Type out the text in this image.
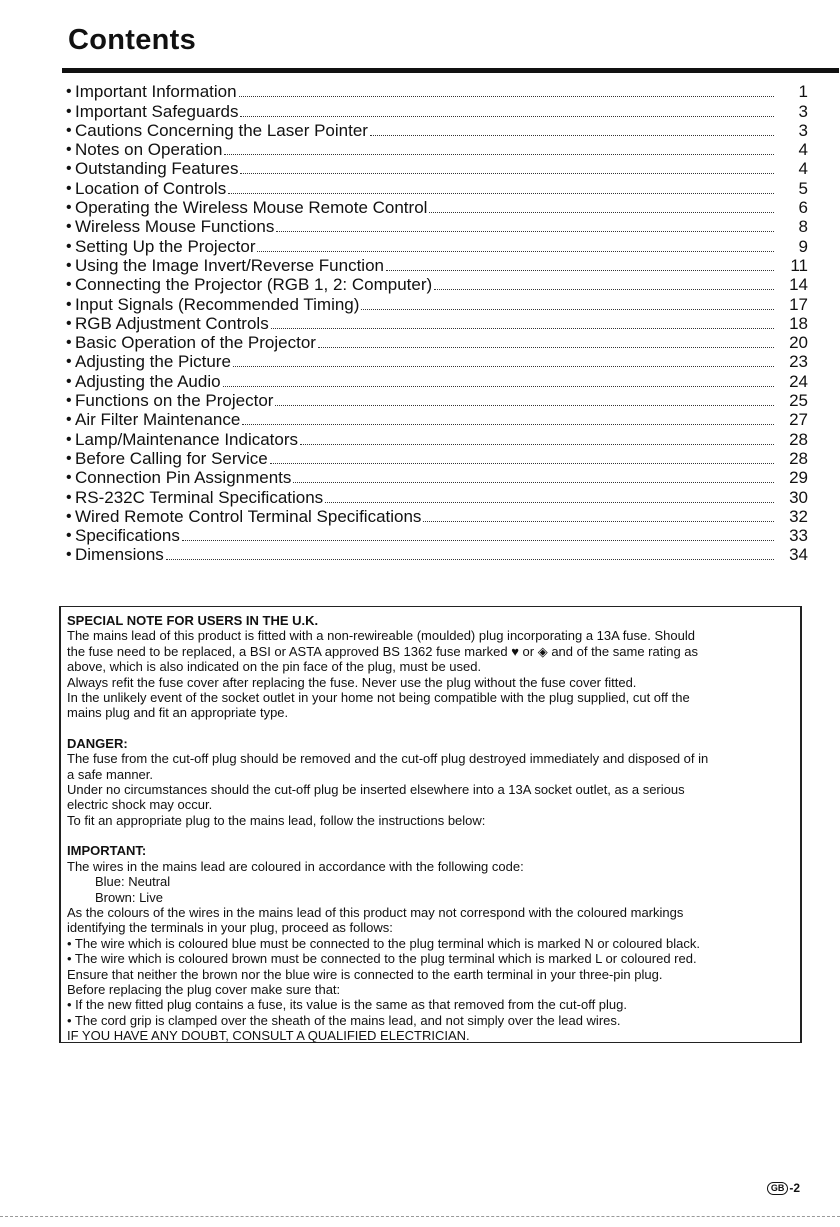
Contents
• Important Information	1
• Important Safeguards	3
• Cautions Concerning the Laser Pointer	3
• Notes on Operation	4
• Outstanding Features	4
• Location of Controls	5
• Operating the Wireless Mouse Remote Control	6
• Wireless Mouse Functions	8
• Setting Up the Projector	9
• Using the Image Invert/Reverse Function	11
• Connecting the Projector (RGB 1, 2: Computer)	14
• Input Signals (Recommended Timing)	17
• RGB Adjustment Controls	18
• Basic Operation of the Projector	20
• Adjusting the Picture	23
• Adjusting the Audio	24
• Functions on the Projector	25
• Air Filter Maintenance	27
• Lamp/Maintenance Indicators	28
• Before Calling for Service	28
• Connection Pin Assignments	29
• RS-232C Terminal Specifications	30
• Wired Remote Control Terminal Specifications	32
• Specifications	33
• Dimensions	34

SPECIAL NOTE FOR USERS IN THE U.K.

The mains lead of this product is fitted with a non-rewireable (moulded) plug incorporating a 13A fuse. Should

the fuse need to be replaced, a BSI or ASTA approved BS 1362 fuse marked ♥ or ◈ and of the same rating as

above, which is also indicated on the pin face of the plug, must be used.

Always refit the fuse cover after replacing the fuse. Never use the plug without the fuse cover fitted.

In the unlikely event of the socket outlet in your home not being compatible with the plug supplied, cut off the

mains plug and fit an appropriate type.

DANGER:

The fuse from the cut-off plug should be removed and the cut-off plug destroyed immediately and disposed of in

a safe manner.

Under no circumstances should the cut-off plug be inserted elsewhere into a 13A socket outlet, as a serious

electric shock may occur.

To fit an appropriate plug to the mains lead, follow the instructions below:

IMPORTANT:

The wires in the mains lead are coloured in accordance with the following code:

Blue: Neutral

Brown: Live

As the colours of the wires in the mains lead of this product may not correspond with the coloured markings

identifying the terminals in your plug, proceed as follows:

• The wire which is coloured blue must be connected to the plug terminal which is marked N or coloured black.

• The wire which is coloured brown must be connected to the plug terminal which is marked L or coloured red.

Ensure that neither the brown nor the blue wire is connected to the earth terminal in your three-pin plug.

Before replacing the plug cover make sure that:

• If the new fitted plug contains a fuse, its value is the same as that removed from the cut-off plug.

• The cord grip is clamped over the sheath of the mains lead, and not simply over the lead wires.

IF YOU HAVE ANY DOUBT, CONSULT A QUALIFIED ELECTRICIAN.

GB -2
